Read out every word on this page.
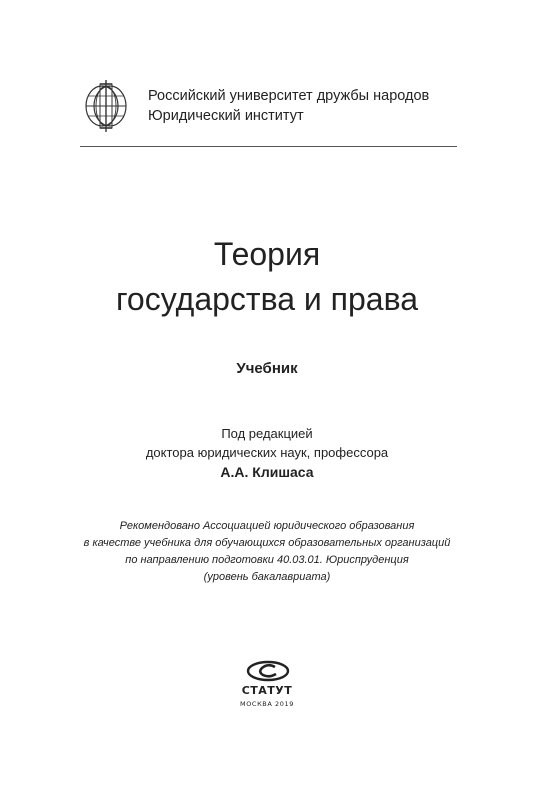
Российский университет дружбы народов
Юридический институт
Теория
государства и права
Учебник
Под редакцией
доктора юридических наук, профессора
А.А. Клишаса
Рекомендовано Ассоциацией юридического образования
в качестве учебника для обучающихся образовательных организаций
по направлению подготовки 40.03.01. Юриспруденция
(уровень бакалавриата)
СТАТУТ
МОСКВА 2019
